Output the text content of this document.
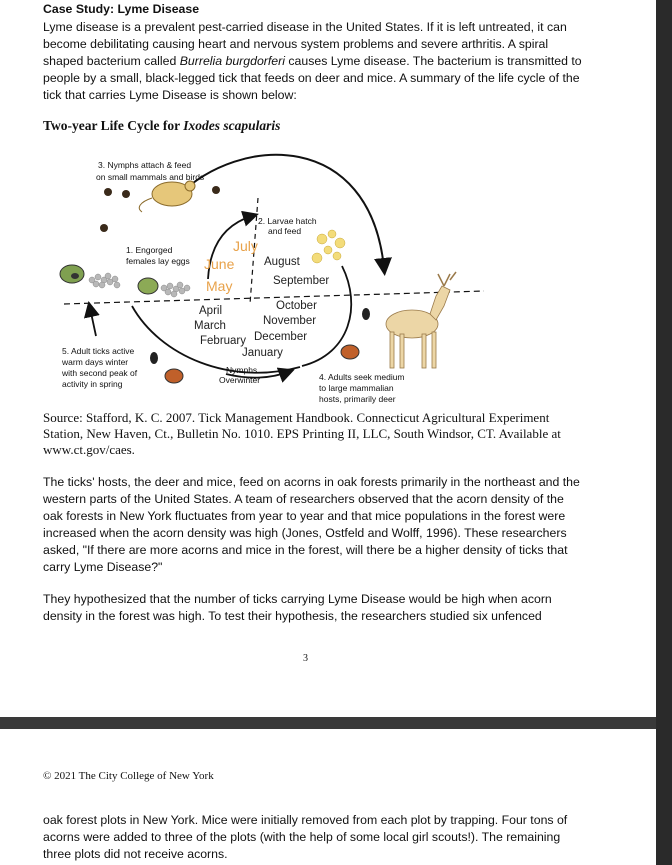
Case Study: Lyme Disease

Lyme disease is a prevalent pest-carried disease in the United States. If it is left untreated, it can become debilitating causing heart and nervous system problems and severe arthritis. A spiral shaped bacterium called Burrelia burgdorferi causes Lyme disease. The bacterium is transmitted to people by a small, black-legged tick that feeds on deer and mice. A summary of the life cycle of the tick that carries Lyme Disease is shown below:

Two-year Life Cycle for Ixodes scapularis
3. Nymphs attach & feed
on small mammals and birds
2. Larvae hatch
and feed
1. Engorged
females lay eggs
5. Adult ticks active
warm days winter
with second peak of
activity in spring
Nymphs
Overwinter	4. Adults seek medium
to large mammalian
hosts, primarily deer
July
June
May
August
September
October
November
December
January
April
March
February

Source: Stafford, K. C. 2007. Tick Management Handbook. Connecticut Agricultural Experiment Station, New Haven, Ct., Bulletin No. 1010. EPS Printing II, LLC, South Windsor, CT. Available at www.ct.gov/caes.

The ticks' hosts, the deer and mice, feed on acorns in oak forests primarily in the northeast and the western parts of the United States. A team of researchers observed that the acorn density of the oak forests in New York fluctuates from year to year and that mice populations in the forest were increased when the acorn density was high (Jones, Ostfeld and Wolff, 1996). These researchers asked, "If there are more acorns and mice in the forest, will there be a higher density of ticks that carry Lyme Disease?"

They hypothesized that the number of ticks carrying Lyme Disease would be high when acorn density in the forest was high. To test their hypothesis, the researchers studied six unfenced

3
© 2021 The City College of New York

oak forest plots in New York. Mice were initially removed from each plot by trapping. Four tons of acorns were added to three of the plots (with the help of some local girl scouts!). The remaining three plots did not receive acorns.
